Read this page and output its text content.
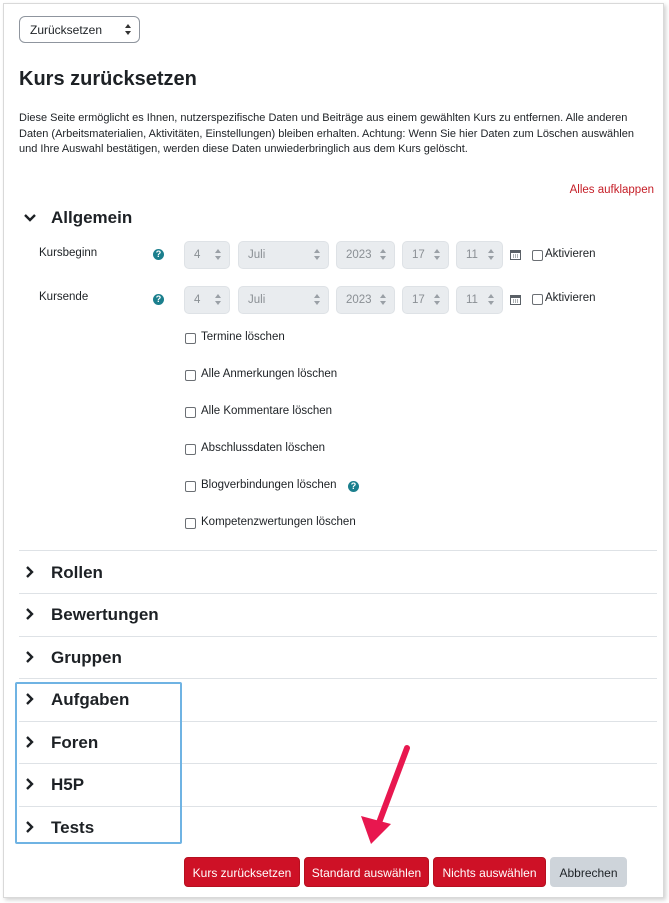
Zurücksetzen
Kurs zurücksetzen

Diese Seite ermöglicht es Ihnen, nutzerspezifische Daten und Beiträge aus einem gewählten Kurs zu entfernen. Alle anderen Daten (Arbeitsmaterialien, Aktivitäten, Einstellungen) bleiben erhalten. Achtung: Wenn Sie hier Daten zum Löschen auswählen und Ihre Auswahl bestätigen, werden diese Daten unwiederbringlich aus dem Kurs gelöscht.

Alles aufklappen
Allgemein
Kursbeginn	?	4	Juli	2023	17	11	Aktivieren
Kursende	?	4	Juli	2023	17	11	Aktivieren
Termine löschen
Alle Anmerkungen löschen
Alle Kommentare löschen
Abschlussdaten löschen
Blogverbindungen löschen	?
Kompetenzwertungen löschen
Rollen
Bewertungen
Gruppen
Aufgaben
Foren
H5P
Tests
Kurs zurücksetzen	Standard auswählen	Nichts auswählen	Abbrechen
